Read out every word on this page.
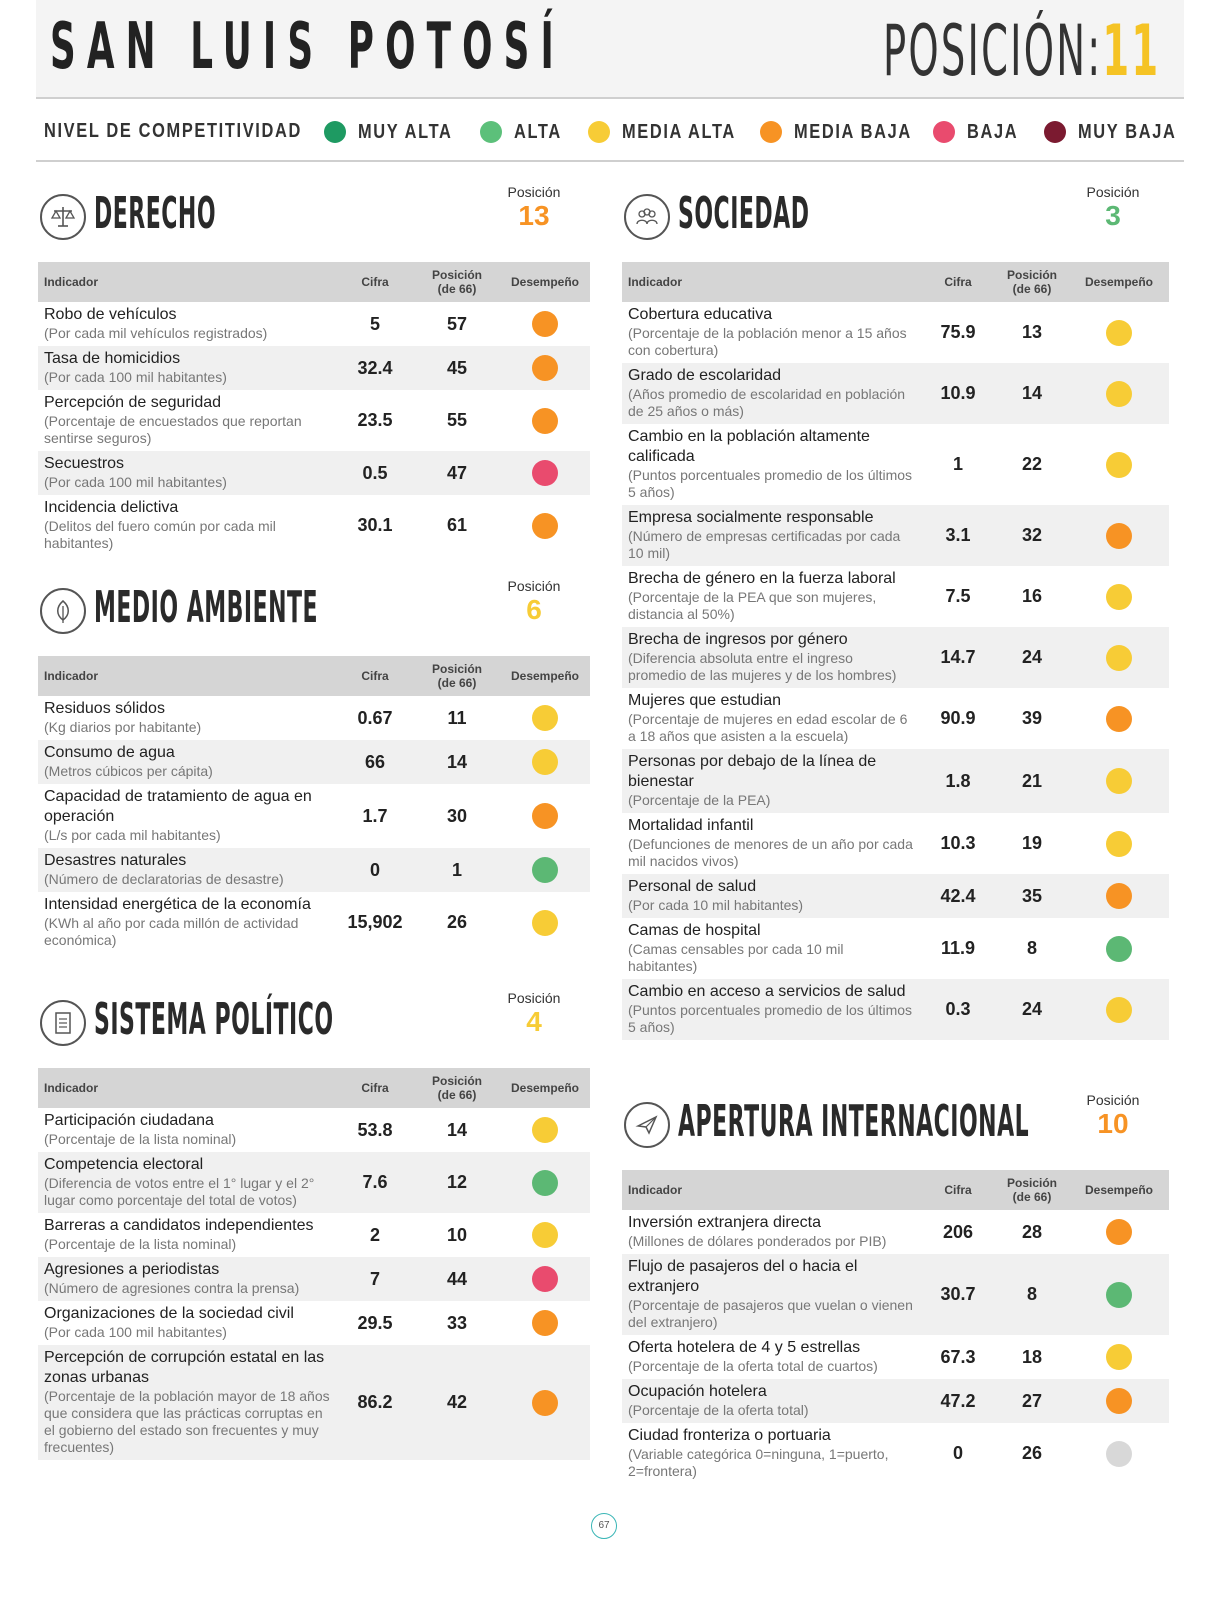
SAN LUIS POTOSÍ	POSICIÓN:11
NIVEL DE COMPETITIVIDAD	MUY ALTA	ALTA	MEDIA ALTA	MEDIA BAJA	BAJA	MUY BAJA
DERECHO	Posición
13
Indicador	Cifra	Posición
(de 66)	Desempeño

Robo de vehículos
(Por cada mil vehículos registrados)	5	57	

Tasa de homicidios
(Por cada 100 mil habitantes)	32.4	45	

Percepción de seguridad
(Porcentaje de encuestados que reportan sentirse seguros)	23.5	55	

Secuestros
(Por cada 100 mil habitantes)	0.5	47	

Incidencia delictiva
(Delitos del fuero común por cada mil habitantes)	30.1	61	
MEDIO AMBIENTE	Posición
6
Indicador	Cifra	Posición
(de 66)	Desempeño

Residuos sólidos
(Kg diarios por habitante)	0.67	11	

Consumo de agua
(Metros cúbicos per cápita)	66	14	

Capacidad de tratamiento de agua en operación
(L/s por cada mil habitantes)	1.7	30	

Desastres naturales
(Número de declaratorias de desastre)	0	1	

Intensidad energética de la economía
(KWh al año por cada millón de actividad económica)	15,902	26	
SISTEMA POLÍTICO	Posición
4
Indicador	Cifra	Posición
(de 66)	Desempeño

Participación ciudadana
(Porcentaje de la lista nominal)	53.8	14	

Competencia electoral
(Diferencia de votos entre el 1° lugar y el 2° lugar como porcentaje del total de votos)	7.6	12	

Barreras a candidatos independientes
(Porcentaje de la lista nominal)	2	10	

Agresiones a periodistas
(Número de agresiones contra la prensa)	7	44	

Organizaciones de la sociedad civil
(Por cada 100 mil habitantes)	29.5	33	

Percepción de corrupción estatal en las zonas urbanas
(Porcentaje de la población mayor de 18 años que considera que las prácticas corruptas en el gobierno del estado son frecuentes y muy frecuentes)	86.2	42	
SOCIEDAD	Posición
3
Indicador	Cifra	Posición
(de 66)	Desempeño

Cobertura educativa
(Porcentaje de la población menor a 15 años con cobertura)	75.9	13	

Grado de escolaridad
(Años promedio de escolaridad en población de 25 años o más)	10.9	14	

Cambio en la población altamente calificada
(Puntos porcentuales promedio de los últimos 5 años)	1	22	

Empresa socialmente responsable
(Número de empresas certificadas por cada 10 mil)	3.1	32	

Brecha de género en la fuerza laboral
(Porcentaje de la PEA que son mujeres, distancia al 50%)	7.5	16	

Brecha de ingresos por género
(Diferencia absoluta entre el ingreso promedio de las mujeres y de los hombres)	14.7	24	

Mujeres que estudian
(Porcentaje de mujeres en edad escolar de 6 a 18 años que asisten a la escuela)	90.9	39	

Personas por debajo de la línea de bienestar
(Porcentaje de la PEA)	1.8	21	

Mortalidad infantil
(Defunciones de menores de un año por cada mil nacidos vivos)	10.3	19	

Personal de salud
(Por cada 10 mil habitantes)	42.4	35	

Camas de hospital
(Camas censables por cada 10 mil habitantes)	11.9	8	

Cambio en acceso a servicios de salud
(Puntos porcentuales promedio de los últimos 5 años)	0.3	24	
APERTURA INTERNACIONAL	Posición
10
Indicador	Cifra	Posición
(de 66)	Desempeño

Inversión extranjera directa
(Millones de dólares ponderados por PIB)	206	28	

Flujo de pasajeros del o hacia el extranjero
(Porcentaje de pasajeros que vuelan o vienen del extranjero)	30.7	8	

Oferta hotelera de 4 y 5 estrellas
(Porcentaje de la oferta total de cuartos)	67.3	18	

Ocupación hotelera
(Porcentaje de la oferta total)	47.2	27	

Ciudad fronteriza o portuaria
(Variable categórica 0=ninguna, 1=puerto, 2=frontera)	0	26	
67
